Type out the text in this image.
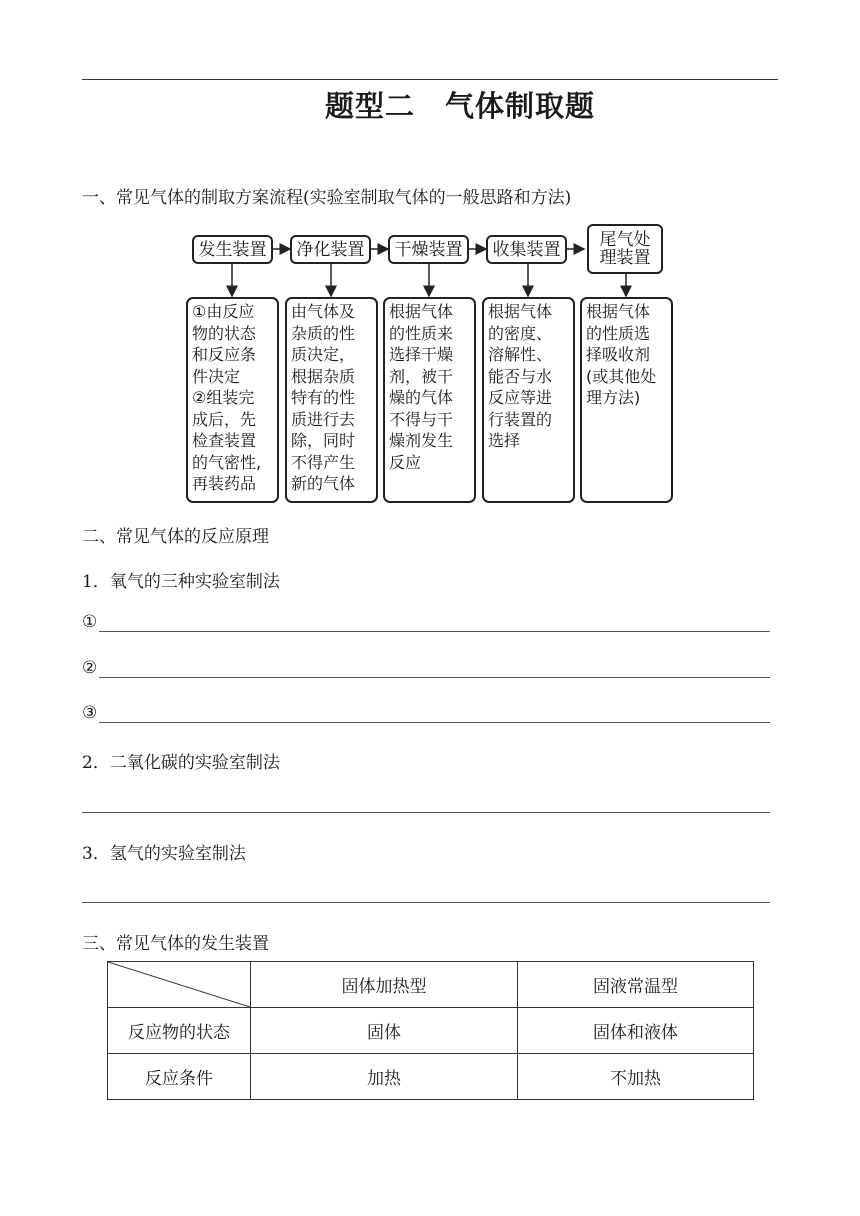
题型二　气体制取题
一、常见气体的制取方案流程(实验室制取气体的一般思路和方法)
发生装置	净化装置	干燥装置	收集装置	尾气处
理装置
①由反应
物的状态
和反应条
件决定
②组装完
成后，先
检查装置
的气密性,
再装药品
由气体及
杂质的性
质决定，
根据杂质
特有的性
质进行去
除，同时
不得产生
新的气体
根据气体
的性质来
选择干燥
剂，被干
燥的气体
不得与干
燥剂发生
反应
根据气体
的密度、
溶解性、
能否与水
反应等进
行装置的
选择
根据气体
的性质选
择吸收剂
(或其他处
理方法)
二、常见气体的反应原理
1．氧气的三种实验室制法
①
②
③
2．二氧化碳的实验室制法
3．氢气的实验室制法
三、常见气体的发生装置
	固体加热型	固液常温型
反应物的状态	固体	固体和液体
反应条件	加热	不加热
